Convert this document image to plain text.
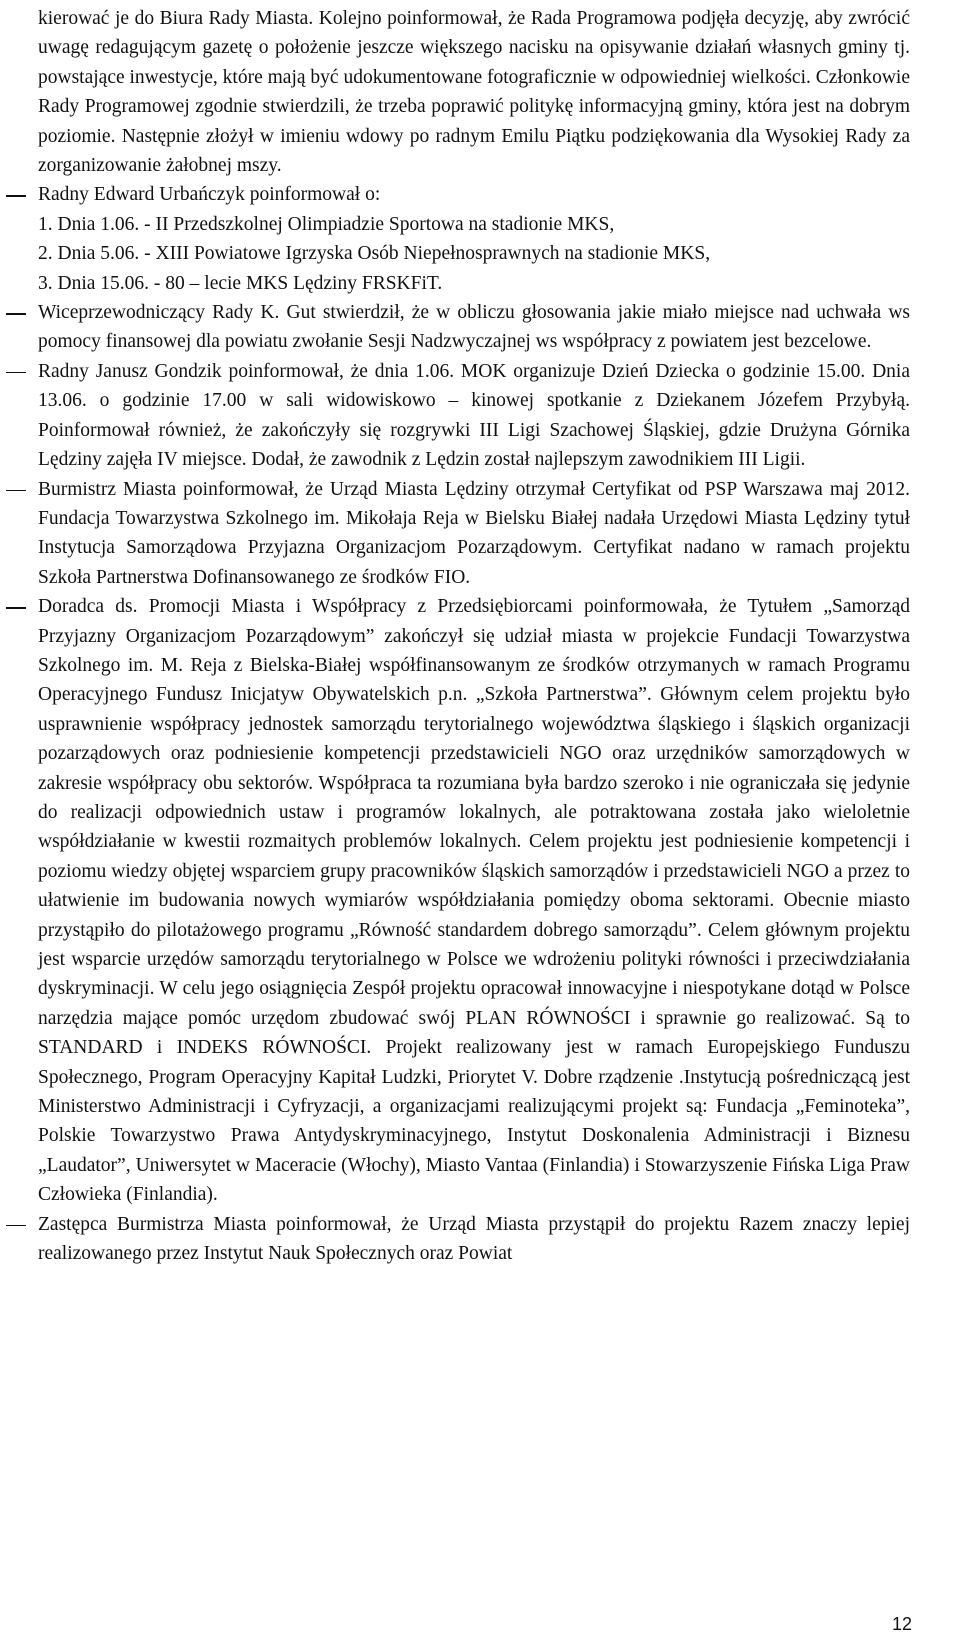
kierować je do Biura Rady Miasta. Kolejno poinformował, że Rada Programowa podjęła decyzję, aby zwrócić uwagę redagującym gazetę o położenie jeszcze większego nacisku na opisywanie działań własnych gminy tj. powstające inwestycje, które mają być udokumentowane fotograficznie w odpowiedniej wielkości. Członkowie Rady Programowej zgodnie stwierdzili, że trzeba poprawić politykę informacyjną gminy, która jest na dobrym poziomie. Następnie złożył w imieniu wdowy po radnym Emilu Piątku podziękowania dla Wysokiej Rady za zorganizowanie żałobnej mszy.

Radny Edward Urbańczyk poinformował o:

1. Dnia 1.06. - II Przedszkolnej Olimpiadzie Sportowa na stadionie MKS,

2. Dnia 5.06. - XIII Powiatowe Igrzyska Osób Niepełnosprawnych na stadionie MKS,

3. Dnia 15.06. - 80 – lecie MKS Lędziny FRSKFiT.

Wiceprzewodniczący Rady K. Gut stwierdził, że w obliczu głosowania jakie miało miejsce nad uchwała ws pomocy finansowej dla powiatu zwołanie Sesji Nadzwyczajnej ws współpracy z powiatem jest bezcelowe.

Radny Janusz Gondzik poinformował, że dnia 1.06. MOK organizuje Dzień Dziecka o godzinie 15.00. Dnia 13.06. o godzinie 17.00 w sali widowiskowo – kinowej spotkanie z Dziekanem Józefem Przybyłą. Poinformował również, że zakończyły się rozgrywki III Ligi Szachowej Śląskiej, gdzie Drużyna Górnika Lędziny zajęła IV miejsce. Dodał, że zawodnik z Lędzin został najlepszym zawodnikiem III Ligii.

Burmistrz Miasta poinformował, że Urząd Miasta Lędziny otrzymał Certyfikat od PSP Warszawa maj 2012. Fundacja Towarzystwa Szkolnego im. Mikołaja Reja w Bielsku Białej nadała Urzędowi Miasta Lędziny tytuł Instytucja Samorządowa Przyjazna Organizacjom Pozarządowym. Certyfikat nadano w ramach projektu Szkoła Partnerstwa Dofinansowanego ze środków FIO.

Doradca ds. Promocji Miasta i Współpracy z Przedsiębiorcami poinformowała, że Tytułem „Samorząd Przyjazny Organizacjom Pozarządowym” zakończył się udział miasta w projekcie Fundacji Towarzystwa Szkolnego im. M. Reja z Bielska-Białej współfinansowanym ze środków otrzymanych w ramach Programu Operacyjnego Fundusz Inicjatyw Obywatelskich p.n. „Szkoła Partnerstwa”. Głównym celem projektu było usprawnienie współpracy jednostek samorządu terytorialnego województwa śląskiego i śląskich organizacji pozarządowych oraz podniesienie kompetencji przedstawicieli NGO oraz urzędników samorządowych w zakresie współpracy obu sektorów. Współpraca ta rozumiana była bardzo szeroko i nie ograniczała się jedynie do realizacji odpowiednich ustaw i programów lokalnych, ale potraktowana została jako wieloletnie współdziałanie w kwestii rozmaitych problemów lokalnych. Celem projektu jest podniesienie kompetencji i poziomu wiedzy objętej wsparciem grupy pracowników śląskich samorządów i przedstawicieli NGO a przez to ułatwienie im budowania nowych wymiarów współdziałania pomiędzy oboma sektorami. Obecnie miasto przystąpiło do pilotażowego programu „Równość standardem dobrego samorządu”. Celem głównym projektu jest wsparcie urzędów samorządu terytorialnego w Polsce we wdrożeniu polityki równości i przeciwdziałania dyskryminacji. W celu jego osiągnięcia Zespół projektu opracował innowacyjne i niespotykane dotąd w Polsce narzędzia mające pomóc urzędom zbudować swój PLAN RÓWNOŚCI i sprawnie go realizować. Są to STANDARD i INDEKS RÓWNOŚCI. Projekt realizowany jest w ramach Europejskiego Funduszu Społecznego, Program Operacyjny Kapitał Ludzki, Priorytet V. Dobre rządzenie .Instytucją pośredniczącą jest Ministerstwo Administracji i Cyfryzacji, a organizacjami realizującymi projekt są: Fundacja „Feminoteka”, Polskie Towarzystwo Prawa Antydyskryminacyjnego, Instytut Doskonalenia Administracji i Biznesu „Laudator”, Uniwersytet w Maceracie (Włochy), Miasto Vantaa (Finlandia) i Stowarzyszenie Fińska Liga Praw Człowieka (Finlandia).

Zastępca Burmistrza Miasta poinformował, że Urząd Miasta przystąpił do projektu Razem znaczy lepiej realizowanego przez Instytut Nauk Społecznych oraz Powiat

12
